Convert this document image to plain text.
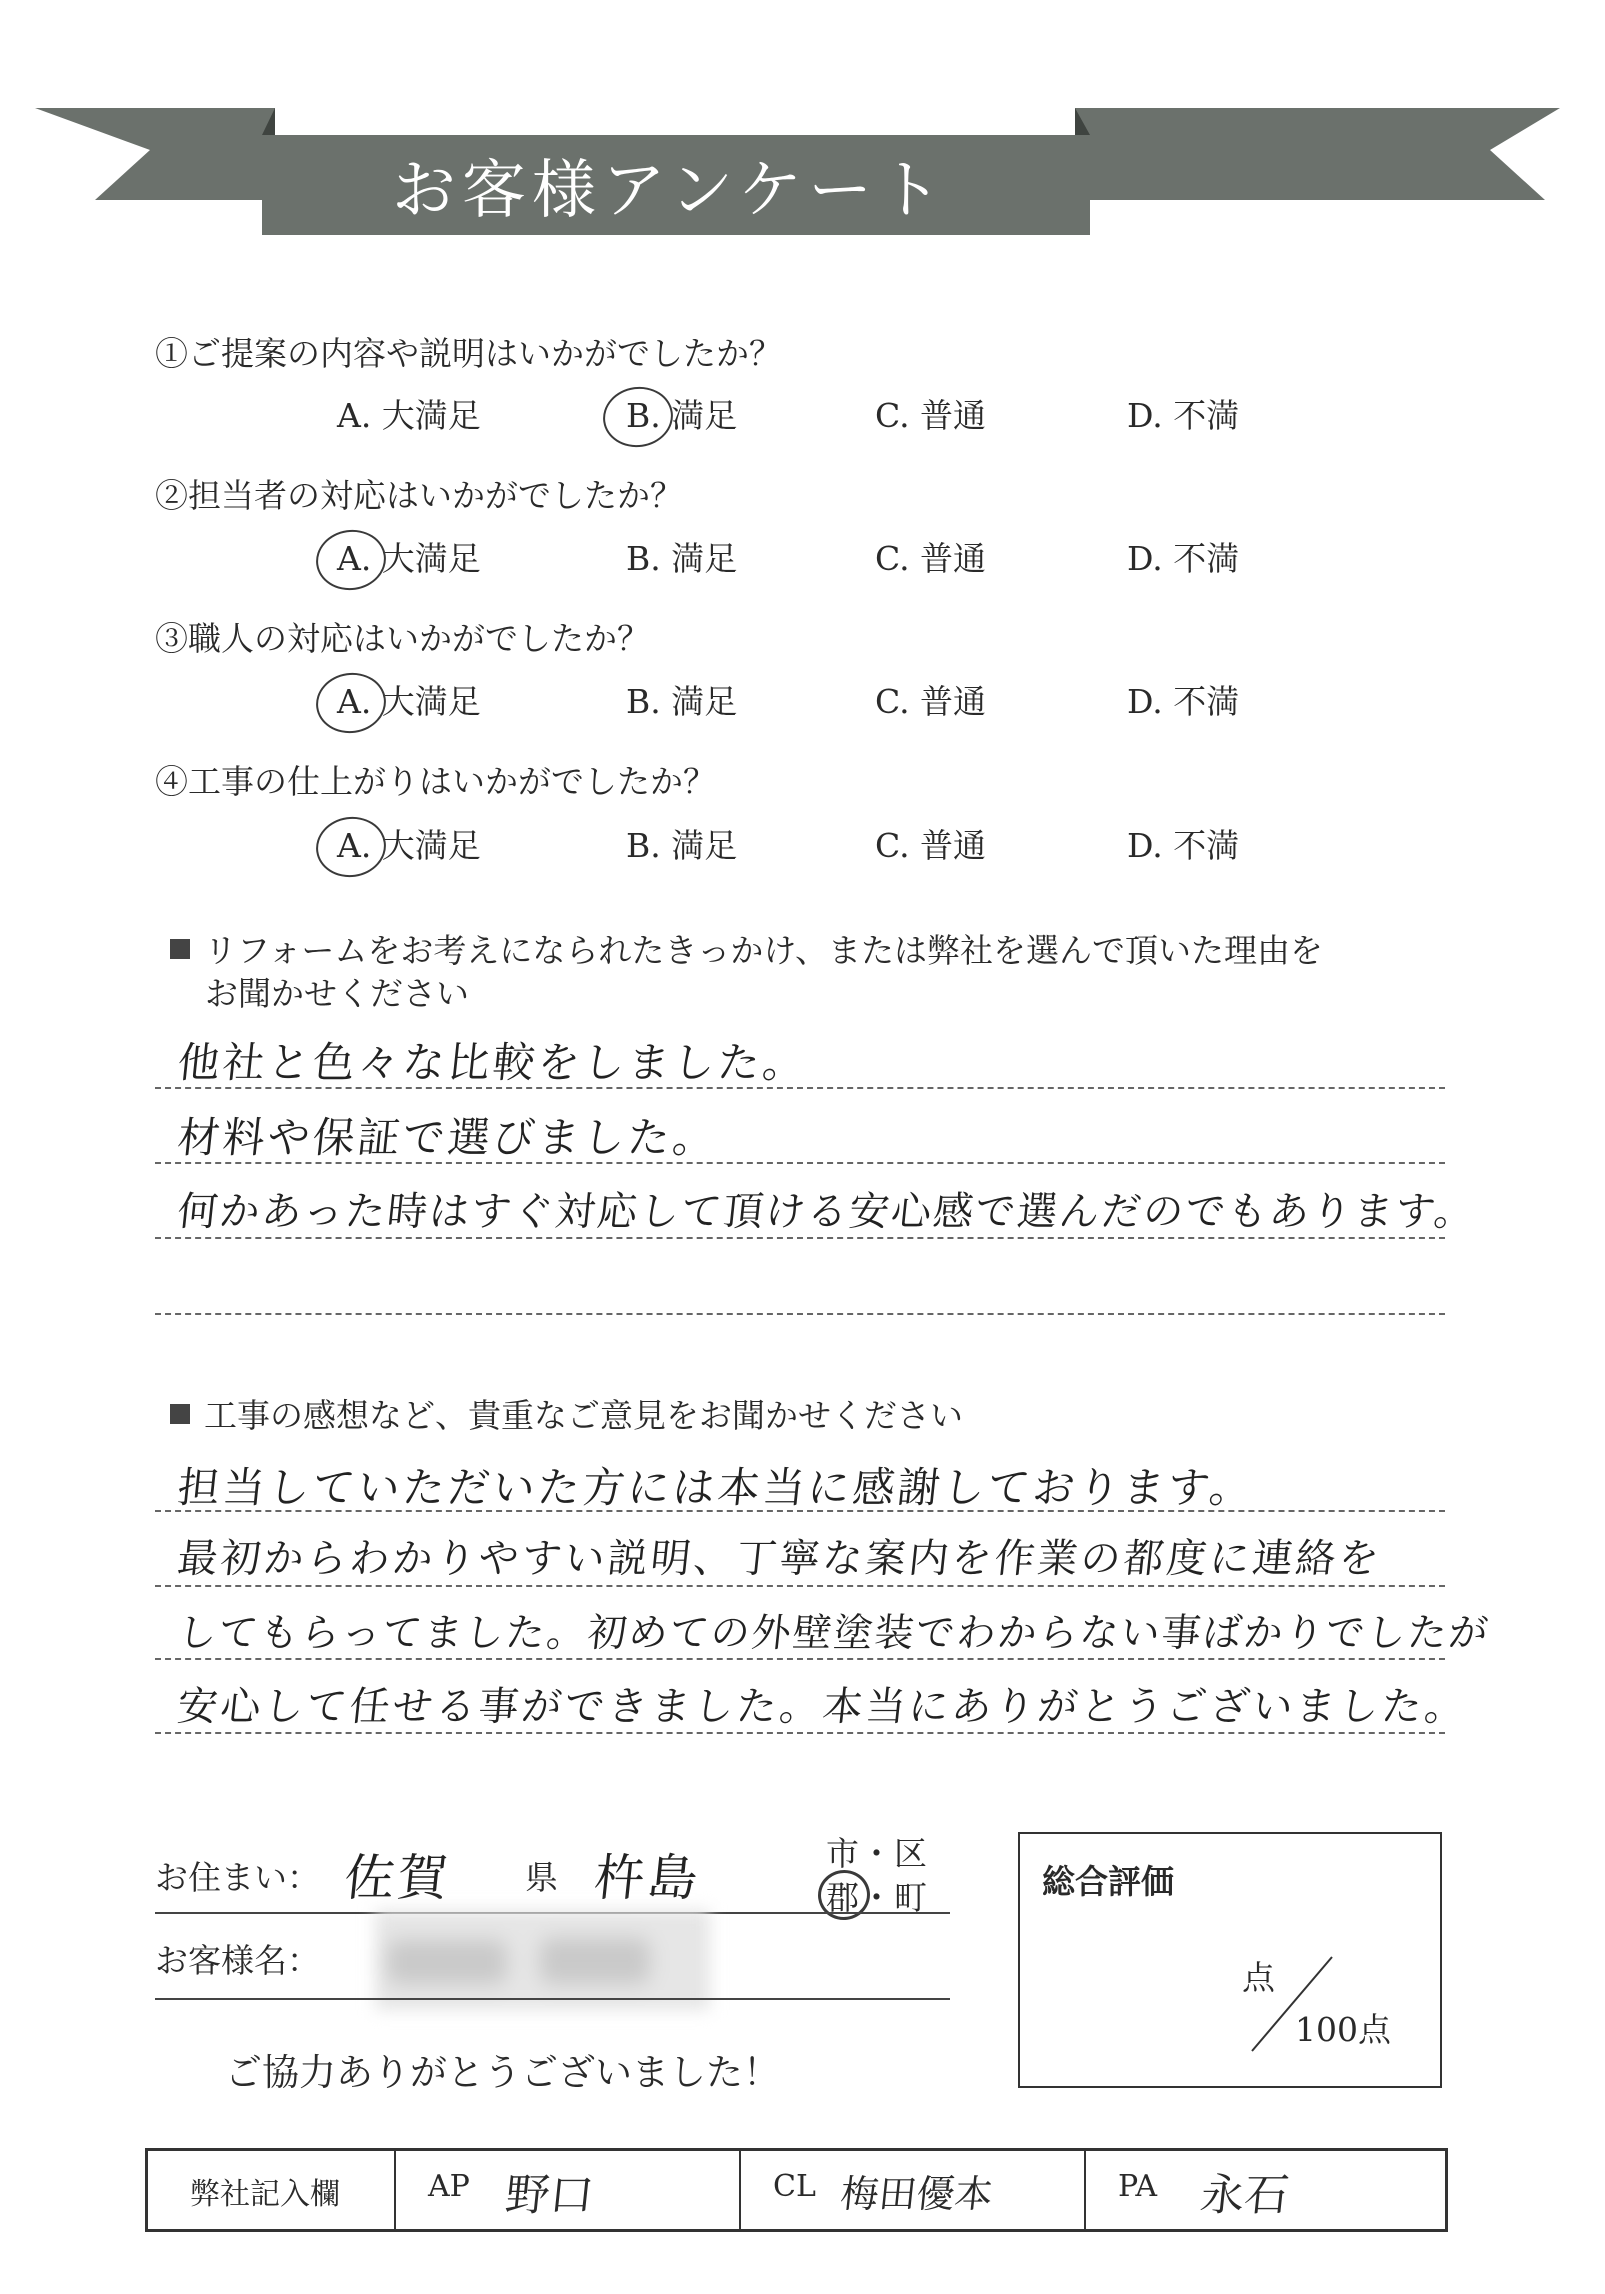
お客様アンケート
①ご提案の内容や説明はいかがでしたか？
A. 大満足	B. 満足	C. 普通	D. 不満
②担当者の対応はいかがでしたか？
A. 大満足	B. 満足	C. 普通	D. 不満
③職人の対応はいかがでしたか？
A. 大満足	B. 満足	C. 普通	D. 不満
④工事の仕上がりはいかがでしたか？
A. 大満足	B. 満足	C. 普通	D. 不満
リフォームをお考えになられたきっかけ、または弊社を選んで頂いた理由を
お聞かせください
他社と色々な比較をしました。
材料や保証で選びました。
何かあった時はすぐ対応して頂ける安心感で選んだのでもあります。
工事の感想など、貴重なご意見をお聞かせください
担当していただいた方には本当に感謝しております。
最初からわかりやすい説明、丁寧な案内を作業の都度に連絡を
してもらってました。初めての外壁塗装でわからない事ばかりでしたが
安心して任せる事ができました。本当にありがとうございました。
お住まい： 佐賀 県 杵島	市 ・ 区
郡 ・ 町
お客様名：
ご協力ありがとうございました！
総合評価
点
100点
弊社記入欄	AP 野口	CL 梅田優本	PA 永石
